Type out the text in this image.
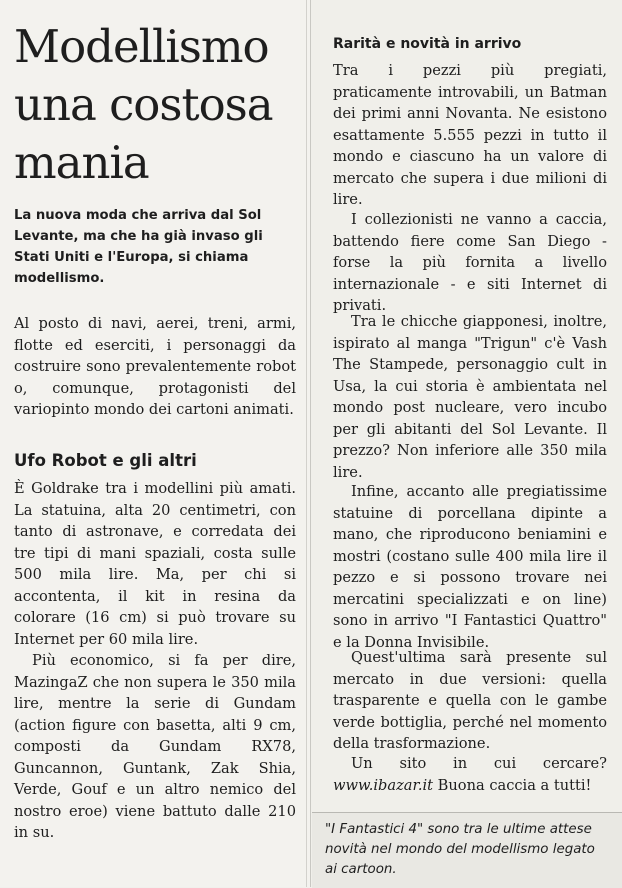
Modellismo
una costosa
mania

La nuova moda che arriva dal Sol Levante, ma che ha già invaso gli Stati Uniti e l'Europa, si chiama modellismo.

Al posto di navi, aerei, treni, armi, flotte ed eserciti, i personaggi da costruire sono prevalentemente robot o, comunque, protagonisti del variopinto mondo dei cartoni animati.

Ufo Robot e gli altri

È Goldrake tra i modellini più amati. La statuina, alta 20 centimetri, con tanto di astronave, e corredata dei tre tipi di mani spaziali, costa sulle 500 mila lire. Ma, per chi si accontenta, il kit in resina da colorare (16 cm) si può trovare su Internet per 60 mila lire.

Più economico, si fa per dire, MazingaZ che non supera le 350 mila lire, mentre la serie di Gundam (action figure con basetta, alti 9 cm, composti da Gundam RX78, Guncannon, Guntank, Zak Shia, Verde, Gouf e un altro nemico del nostro eroe) viene battuto dalle 210 in su.

Rarità e novità in arrivo

Tra i pezzi più pregiati, praticamente introvabili, un Batman dei primi anni Novanta. Ne esistono esattamente 5.555 pezzi in tutto il mondo e ciascuno ha un valore di mercato che supera i due milioni di lire.

I collezionisti ne vanno a caccia, battendo fiere come San Diego - forse la più fornita a livello internazionale - e siti Internet di privati.

Tra le chicche giapponesi, inoltre, ispirato al manga "Trigun" c'è Vash The Stampede, personaggio cult in Usa, la cui storia è ambientata nel mondo post nucleare, vero incubo per gli abitanti del Sol Levante. Il prezzo? Non inferiore alle 350 mila lire.

Infine, accanto alle pregiatissime statuine di porcellana dipinte a mano, che riproducono beniamini e mostri (costano sulle 400 mila lire il pezzo e si possono trovare nei mercatini specializzati e on line) sono in arrivo "I Fantastici Quattro" e la Donna Invisibile.

Quest'ultima sarà presente sul mercato in due versioni: quella trasparente e quella con le gambe verde bottiglia, perché nel momento della trasformazione.

Un sito in cui cercare? www.ibazar.it Buona caccia a tutti!

"I Fantastici 4" sono tra le ultime attese novità nel mondo del modellismo legato ai cartoon.
